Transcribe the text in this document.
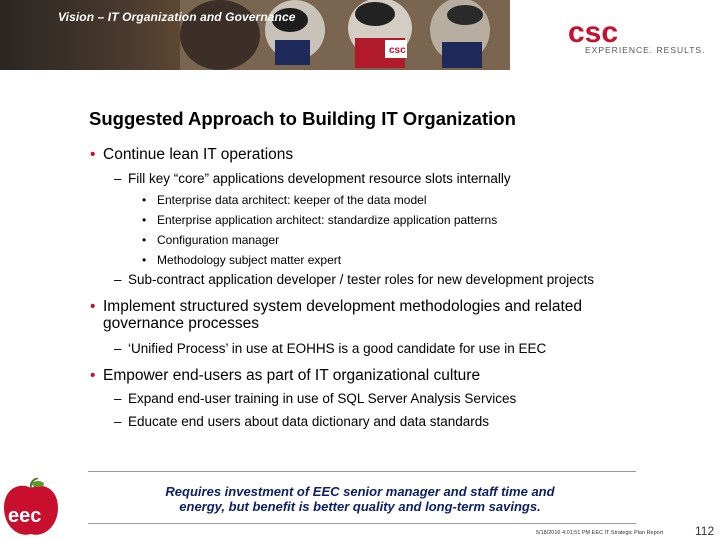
csc
Vision – IT Organization and Governance	csc
EXPERIENCE. RESULTS.
Suggested Approach to Building IT Organization
• Continue lean IT operations
– Fill key “core” applications development resource slots internally
• Enterprise data architect: keeper of the data model
• Enterprise application architect: standardize application patterns
• Configuration manager
• Methodology subject matter expert
– Sub-contract application developer / tester roles for new development projects
• Implement structured system development methodologies and related governance processes
– ‘Unified Process’ in use at EOHHS is a good candidate for use in EEC
• Empower end-users as part of IT organizational culture
– Expand end-user training in use of SQL Server Analysis Services
– Educate end users about data dictionary and data standards
Requires investment of EEC senior manager and staff time and
energy, but benefit is better quality and long-term savings.
eec
5/18/2016 4:01:51 PM EEC IT Strategic Plan Report	112
